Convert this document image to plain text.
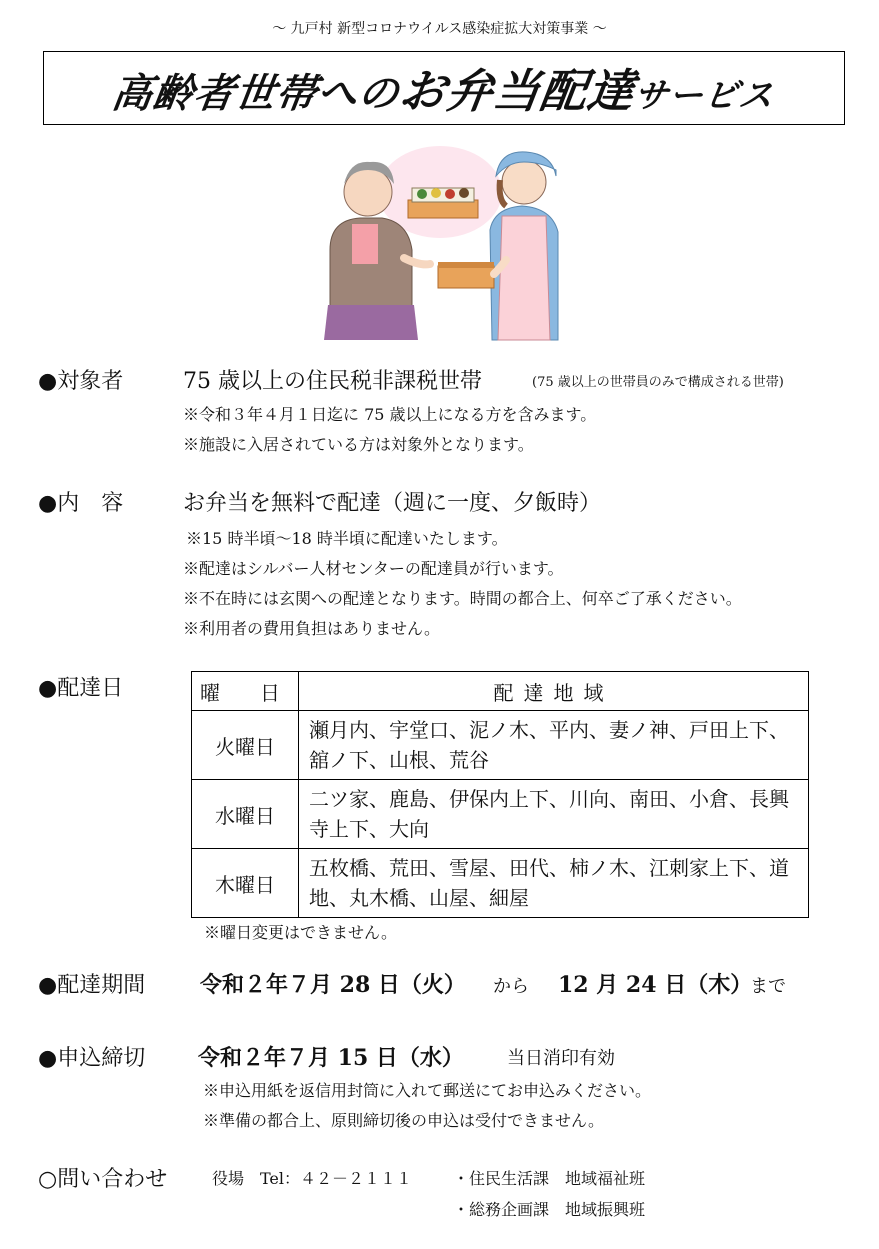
～ 九戸村 新型コロナウイルス感染症拡大対策事業 ～
高齢者世帯へのお弁当配達サービス
●対象者	75 歳以上の住民税非課税世帯	(75 歳以上の世帯員のみで構成される世帯)
※令和３年４月１日迄に 75 歳以上になる方を含みます。
※施設に入居されている方は対象外となります。
●内　容	お弁当を無料で配達（週に一度、夕飯時）
※15 時半頃～18 時半頃に配達いたします。
※配達はシルバー人材センターの配達員が行います。
※不在時には玄関への配達となります。時間の都合上、何卒ご了承ください。
※利用者の費用負担はありません。
●配達日	曜　日	配達地域
火曜日	瀬月内、宇堂口、泥ノ木、平内、妻ノ神、戸田上下、舘ノ下、山根、荒谷
水曜日	二ツ家、鹿島、伊保内上下、川向、南田、小倉、長興寺上下、大向
木曜日	五枚橋、荒田、雪屋、田代、柿ノ木、江刺家上下、道地、丸木橋、山屋、細屋
※曜日変更はできません。
●配達期間 令和２年７月 28 日（火） から 12 月 24 日（木）
まで
●申込締切 令和２年７月 15 日（水） 当日消印有効
※申込用紙を返信用封筒に入れて郵送にてお申込みください。
※準備の都合上、原則締切後の申込は受付できません。
○問い合わせ	役場　Tel：４２－２１１１	・住民生活課　地域福祉班
・総務企画課　地域振興班
